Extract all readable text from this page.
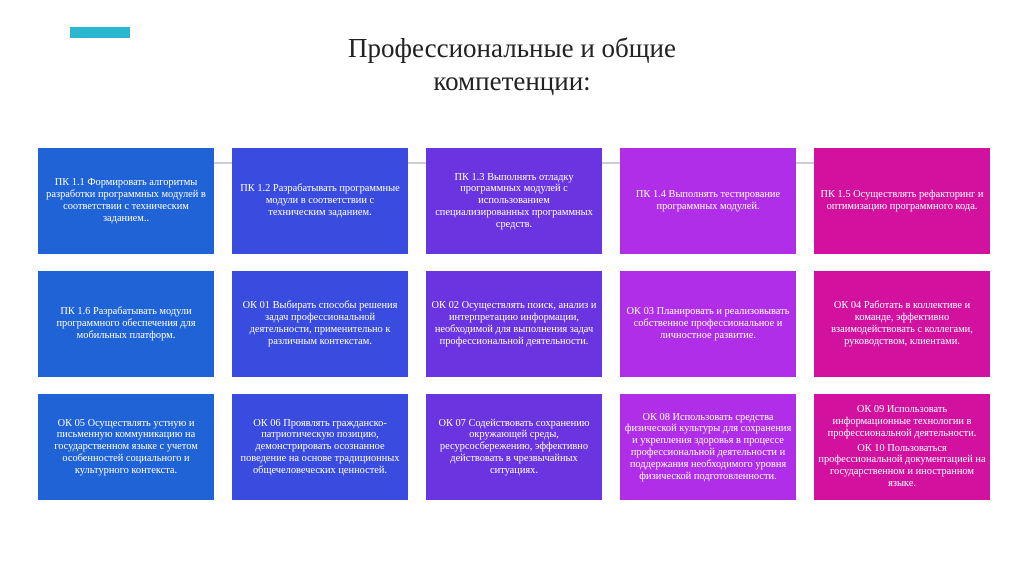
Профессиональные и общие
компетенции:

ПК 1.1 Формировать алгоритмы разработки программных модулей в соответствии с техническим заданием..

ПК 1.2 Разрабатывать программные модули в соответствии с техническим заданием.

ПК 1.3 Выполнять отладку программных модулей с использованием специализированных программных средств.

ПК 1.4 Выполнять тестирование программных модулей.

ПК 1.5 Осуществлять рефакторинг и оптимизацию программного кода.

ПК 1.6 Разрабатывать модули программного обеспечения для мобильных платформ.

ОК 01 Выбирать способы решения задач профессиональной деятельности, применительно к различным контекстам.

ОК 02 Осуществлять поиск, анализ и интерпретацию информации, необходимой для выполнения задач профессиональной деятельности.

ОК 03 Планировать и реализовывать собственное профессиональное и личностное развитие.

ОК 04 Работать в коллективе и команде, эффективно взаимодействовать с коллегами, руководством, клиентами.

ОК 05 Осуществлять устную и письменную коммуникацию на государственном языке с учетом особенностей социального и культурного контекста.

ОК 06 Проявлять гражданско-патриотическую позицию, демонстрировать осознанное поведение на основе традиционных общечеловеческих ценностей.

ОК 07 Содействовать сохранению окружающей среды, ресурсосбережению, эффективно действовать в чрезвычайных ситуациях.

ОК 08 Использовать средства физической культуры для сохранения и укрепления здоровья в процессе профессиональной деятельности и поддержания необходимого уровня физической подготовленности.

ОК 09 Использовать информационные технологии в профессиональной деятельности.

ОК 10 Пользоваться профессиональной документацией на государственном и иностранном языке.
